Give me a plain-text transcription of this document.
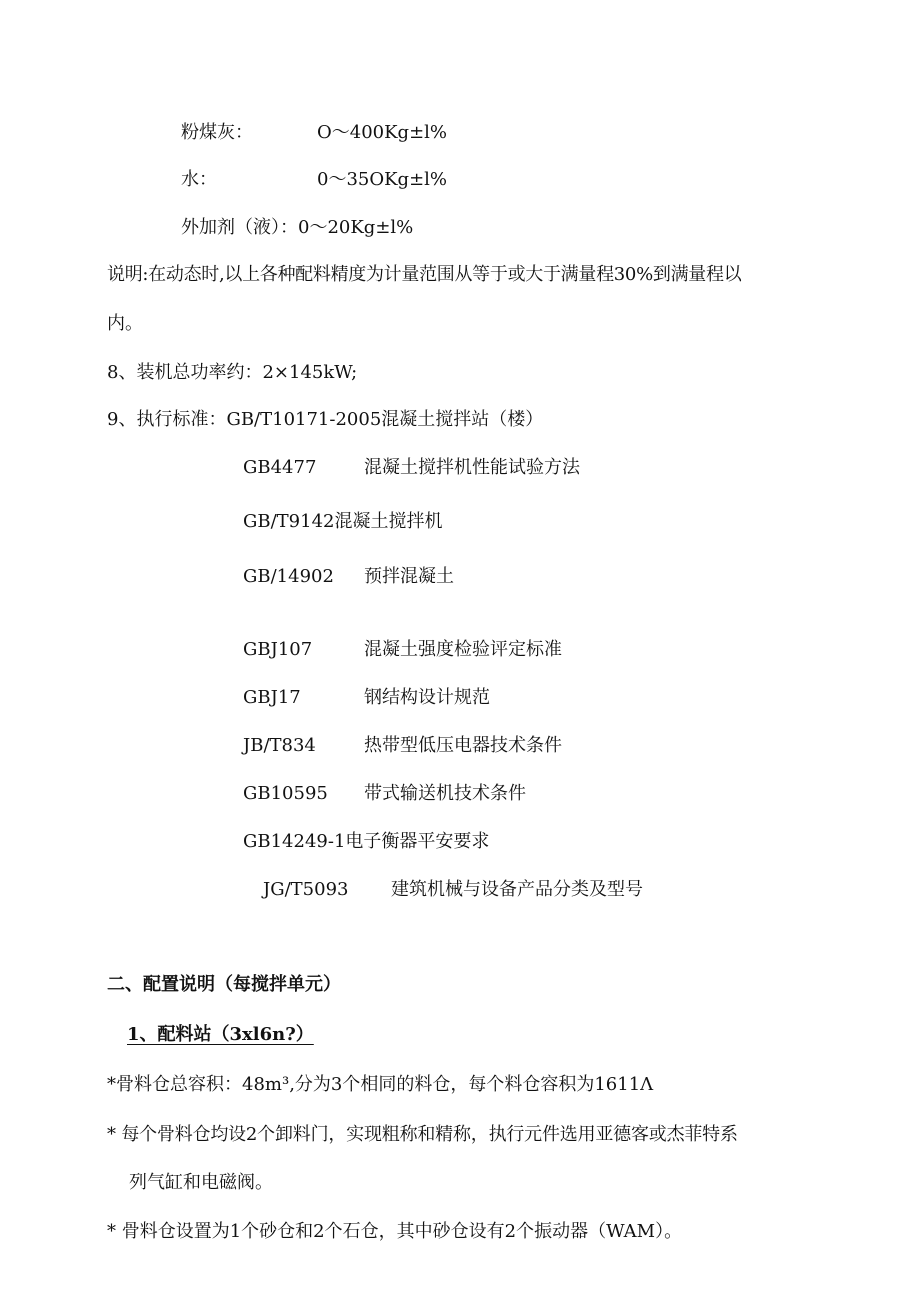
粉煤灰：	O～400Kg±l%
水：	0～35OKg±l%
外加剂（液）：0～20Kg±l%
说明:在动态时,以上各种配料精度为计量范围从等于或大于满量程30%到满量程以
内。
8、装机总功率约：2×145kW;
9、执行标准：GB/T10171-2005混凝土搅拌站（楼）
GB4477	混凝土搅拌机性能试验方法
GB/T9142混凝土搅拌机
GB/14902 预拌混凝土
GBJ107	混凝土强度检验评定标准
GBJ17	钢结构设计规范
JB/T834	热带型低压电器技术条件
GB10595 带式输送机技术条件
GB14249-1电子衡器平安要求
JG/T5093 建筑机械与设备产品分类及型号
二、配置说明（每搅拌单元）
1、配料站（3xl6n?）
*骨料仓总容积：48m³,分为3个相同的料仓，每个料仓容积为1611Λ
* 每个骨料仓均设2个卸料门，实现粗称和精称，执行元件选用亚德客或杰菲特系
列气缸和电磁阀。
* 骨料仓设置为1个砂仓和2个石仓，其中砂仓设有2个振动器（WAM）。
